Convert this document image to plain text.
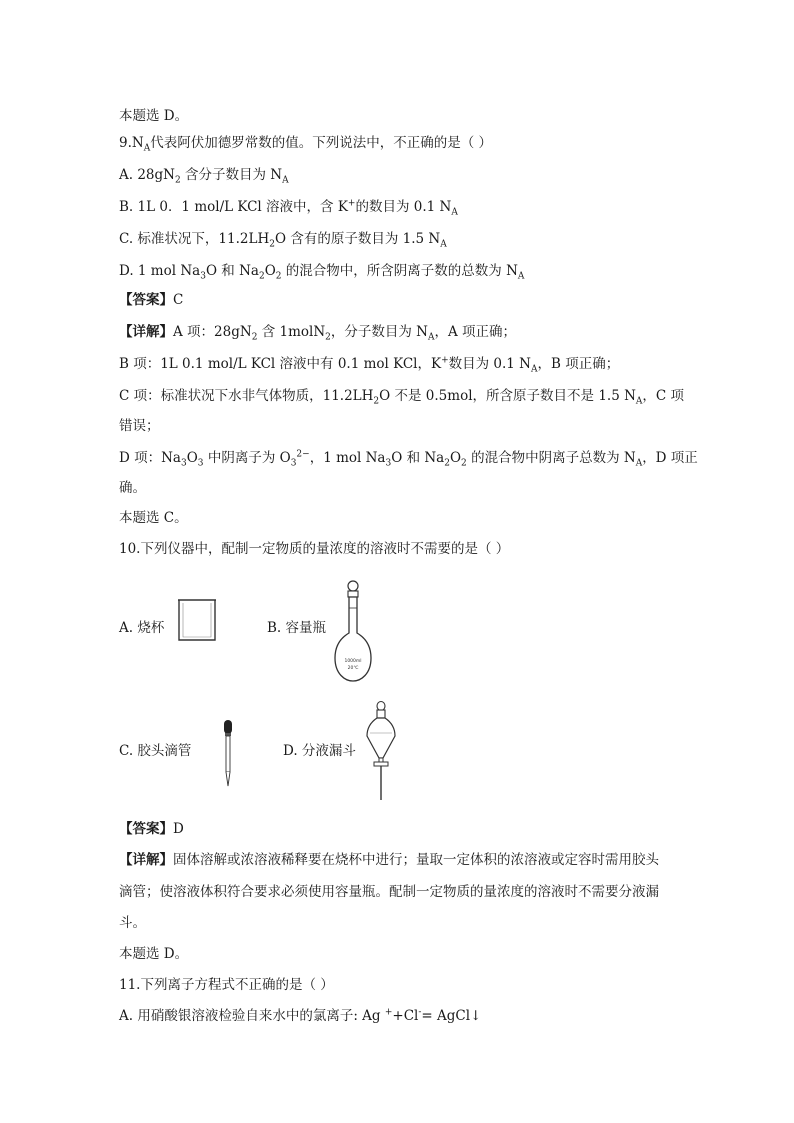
本题选 D。
$9.N_A$代表阿伏加德罗常数的值。下列说法中，不正确的是（ ）
A. $28gN_2$ 含分子数目为 $N_A$
B. 1L 0．1 mol/L KCl 溶液中，含 K+的数目为 0.1 $N_A$
C. 标准状况下，$11.2LH_2O$ 含有的原子数目为 1.5 $N_A$
D. 1 mol $Na_3O$ 和 $Na_2O_2$ 的混合物中，所含阴离子数的总数为 $N_A$
【答案】C
【详解】A 项：$28gN_2$ 含 1molN$_2$，分子数目为 $N_A$，A 项正确；
B 项：1L 0.1 mol/L KCl 溶液中有 0.1 mol KCl，K+数目为 0.1 $N_A$，B 项正确；
C 项：标准状况下水非气体物质，$11.2LH_2O$ 不是 0.5mol，所含原子数目不是 1.5 $N_A$，C 项
错误；
D 项：$Na_3O_3$ 中阴离子为 $O_3^{2-}$，1 mol $Na_3O$ 和 $Na_2O_2$ 的混合物中阴离子总数为 $N_A$，D 项正
确。
本题选 C。
10.下列仪器中，配制一定物质的量浓度的溶液时不需要的是（ ）
A. 烧杯	B. 容量瓶
1000ml
20℃
C. 胶头滴管	D. 分液漏斗
【答案】D
【详解】固体溶解或浓溶液稀释要在烧杯中进行；量取一定体积的浓溶液或定容时需用胶头
滴管；使溶液体积符合要求必须使用容量瓶。配制一定物质的量浓度的溶液时不需要分液漏
斗。
本题选 D。
11.下列离子方程式不正确的是（ ）
A. 用硝酸银溶液检验自来水中的氯离子: Ag ++Cl-= AgCl↓
